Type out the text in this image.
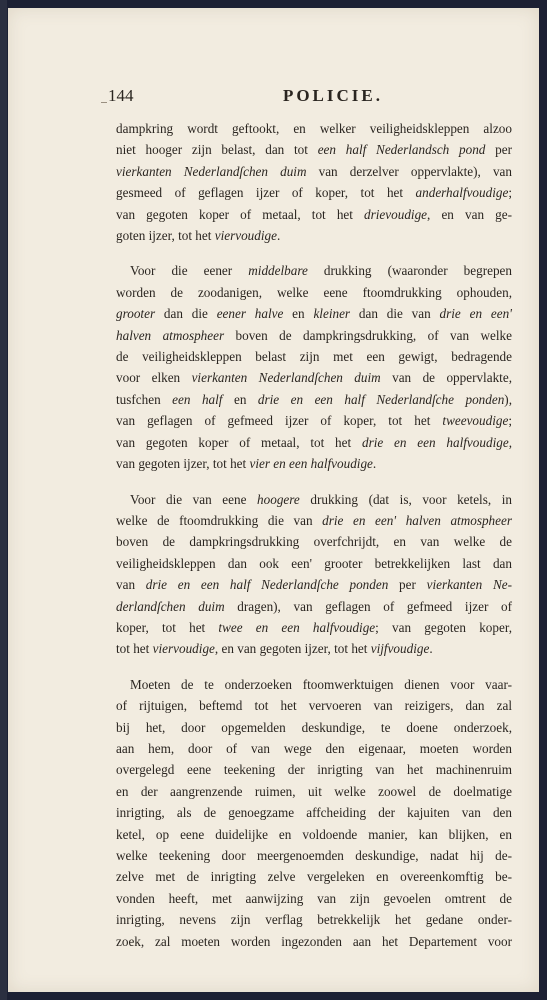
144	POLICIE.
dampkring wordt geftookt, en welker veiligheidskleppen alzoo
niet hooger zijn belast, dan tot een half Nederlandsch pond per
vierkanten Nederlandſchen duim van derzelver oppervlakte), van
gesmeed of geflagen ijzer of koper, tot het anderhalfvoudige;
van gegoten koper of metaal, tot het drievoudige, en van ge-
goten ijzer, tot het viervoudige.
Voor die eener middelbare drukking (waaronder begrepen
worden de zoodanigen, welke eene ftoomdrukking ophouden,
grooter dan die eener halve en kleiner dan die van drie en een'
halven atmospheer boven de dampkringsdrukking, of van welke
de veiligheidskleppen belast zijn met een gewigt, bedragende
voor elken vierkanten Nederlandſchen duim van de oppervlakte,
tusfchen een half en drie en een half Nederlandſche ponden),
van geflagen of gefmeed ijzer of koper, tot het tweevoudige;
van gegoten koper of metaal, tot het drie en een halfvoudige,
van gegoten ijzer, tot het vier en een halfvoudige.
Voor die van eene hoogere drukking (dat is, voor ketels, in
welke de ftoomdrukking die van drie en een' halven atmospheer
boven de dampkringsdrukking overfchrijdt, en van welke de
veiligheidskleppen dan ook een' grooter betrekkelijken last dan
van drie en een half Nederlandſche ponden per vierkanten Ne-
derlandſchen duim dragen), van geflagen of gefmeed ijzer of
koper, tot het twee en een halfvoudige; van gegoten koper,
tot het viervoudige, en van gegoten ijzer, tot het vijfvoudige.
Moeten de te onderzoeken ftoomwerktuigen dienen voor vaar-
of rijtuigen, beftemd tot het vervoeren van reizigers, dan zal
bij het, door opgemelden deskundige, te doene onderzoek,
aan hem, door of van wege den eigenaar, moeten worden
overgelegd eene teekening der inrigting van het machinenruim
en der aangrenzende ruimen, uit welke zoowel de doelmatige
inrigting, als de genoegzame affcheiding der kajuiten van den
ketel, op eene duidelijke en voldoende manier, kan blijken, en
welke teekening door meergenoemden deskundige, nadat hij de-
zelve met de inrigting zelve vergeleken en overeenkomftig be-
vonden heeft, met aanwijzing van zijn gevoelen omtrent de
inrigting, nevens zijn verflag betrekkelijk het gedane onder-
zoek, zal moeten worden ingezonden aan het Departement voor
